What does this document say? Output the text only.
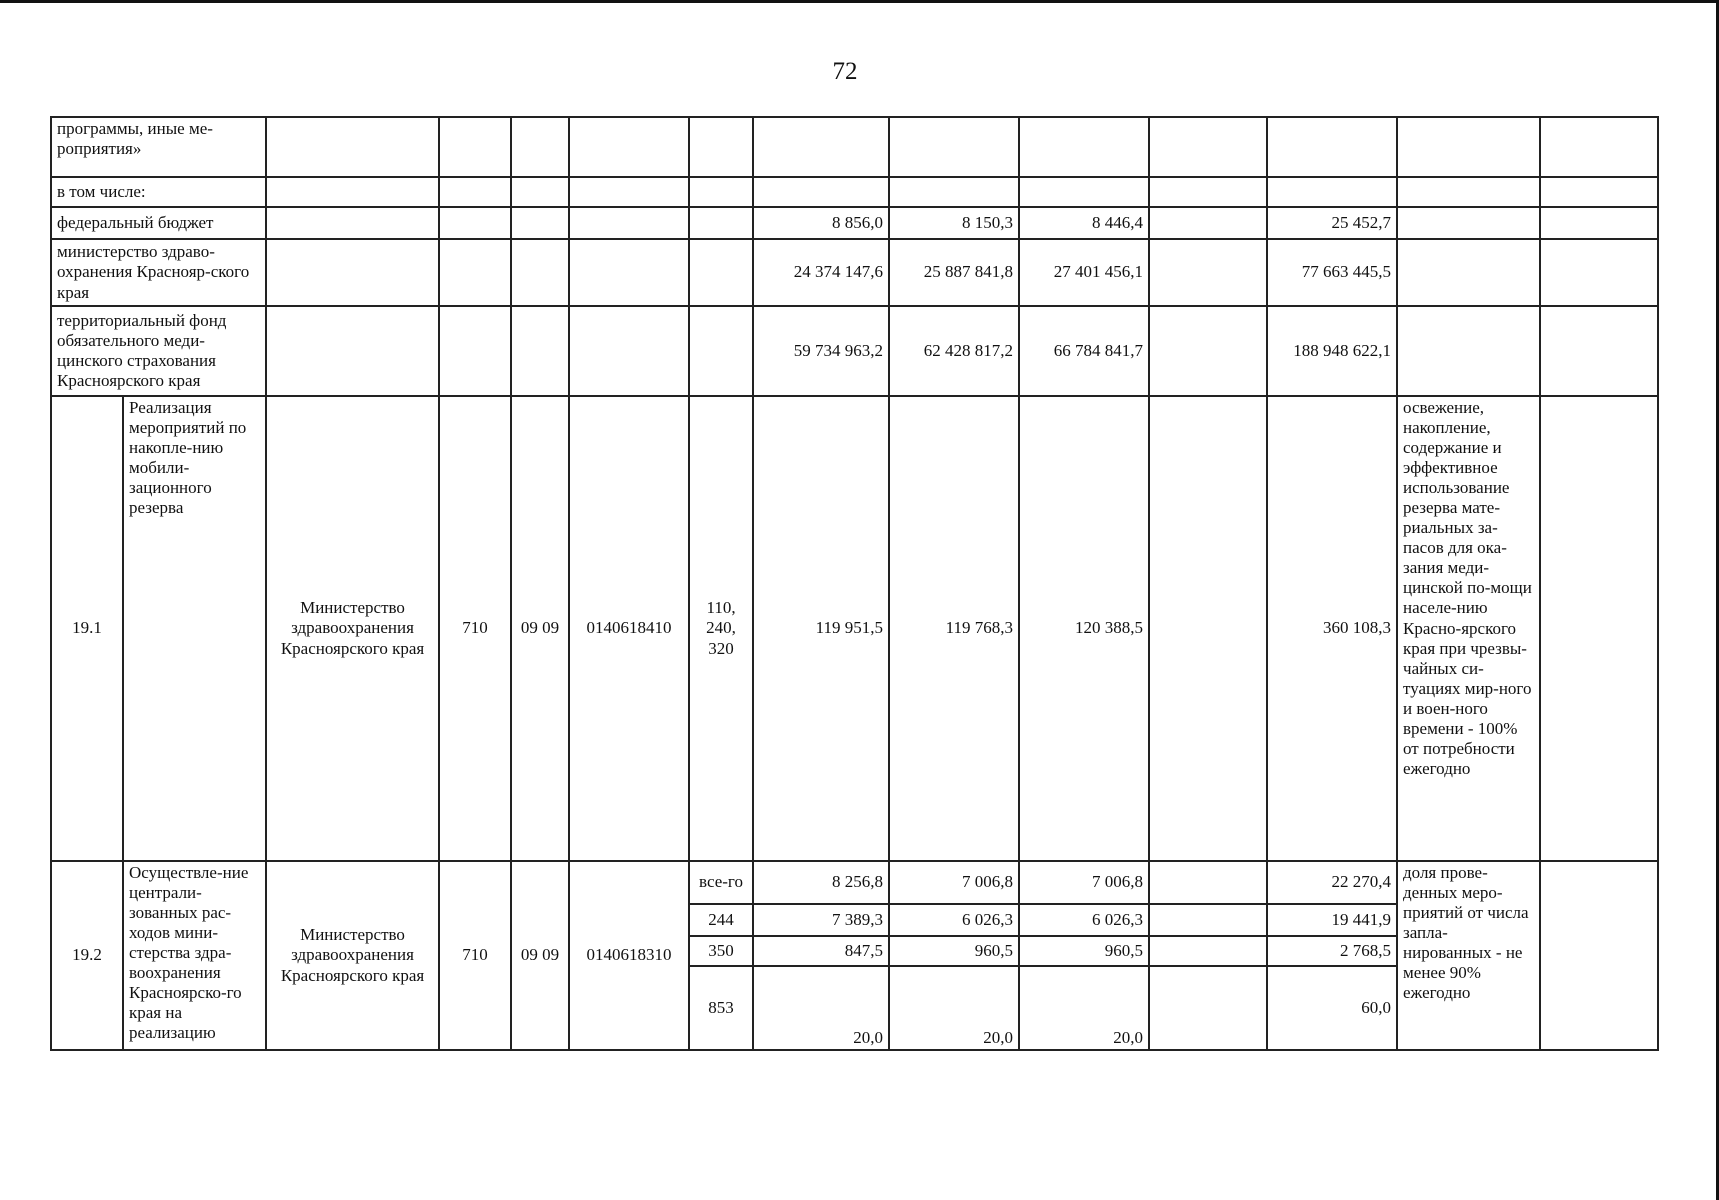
72
программы, иные ме-роприятия»													
в том числе:													
федеральный бюджет							8 856,0	8 150,3	8 446,4		25 452,7		
министерство здраво-охранения Краснояр-ского края							24 374 147,6	25 887 841,8	27 401 456,1		77 663 445,5		
территориальный фонд обязательного меди-цинского страхования Красноярского края							59 734 963,2	62 428 817,2	66 784 841,7		188 948 622,1		
19.1	Реализация мероприятий по накопле-нию мобили-зационного резерва	Министерство здравоохранения Красноярского края	710	09 09	0140618410	110, 240, 320	119 951,5	119 768,3	120 388,5		360 108,3	освежение, накопление, содержание и эффективное использование резерва мате-риальных за-пасов для ока-зания меди-цинской по-мощи населе-нию Красно-ярского края при чрезвы-чайных си-туациях мир-ного и воен-ного времени - 100% от потребности ежегодно	
19.2	Осуществле-ние централи-зованных рас-ходов мини-стерства здра-воохранения Красноярско-го края на реализацию	Министерство здравоохранения Красноярского края	710	09 09	0140618310	все-го	8 256,8	7 006,8	7 006,8		22 270,4	доля прове-денных меро-приятий от числа запла-нированных - не менее 90% ежегодно	
						244	7 389,3	6 026,3	6 026,3		19 441,9		
						350	847,5	960,5	960,5		2 768,5		
						853	20,0	20,0	20,0		60,0		
